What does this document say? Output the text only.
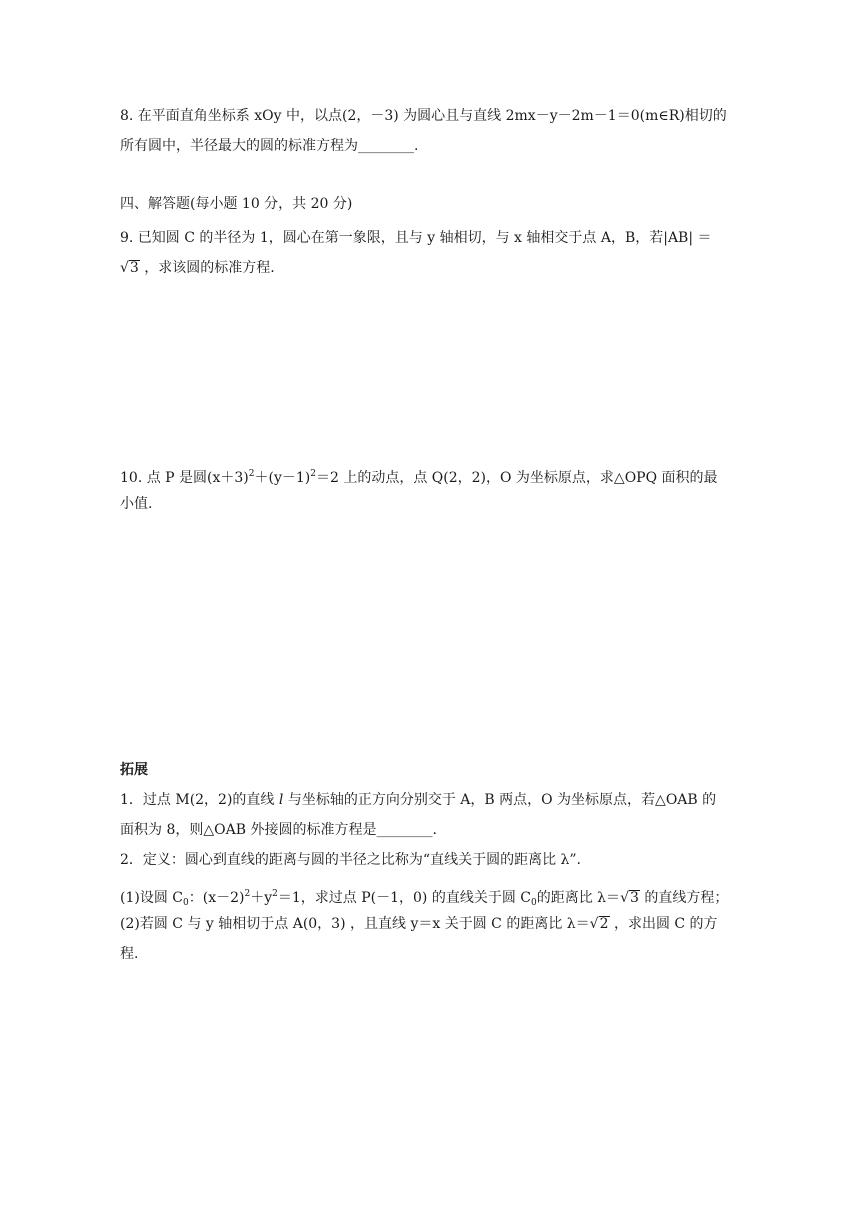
8. 在平面直角坐标系 xOy 中，以点(2，－3) 为圆心且与直线 2mx－y－2m－1＝0(m∈R)相切的
所有圆中，半径最大的圆的标准方程为________.
四、解答题(每小题 10 分，共 20 分)
9. 已知圆 C 的半径为 1，圆心在第一象限，且与 y 轴相切，与 x 轴相交于点 A，B，若|AB| ＝
√3 ，求该圆的标准方程.
10. 点 P 是圆$(x+3)^2+(y-1)^2=2$ 上的动点，点 Q(2，2)，O 为坐标原点，求△OPQ 面积的最
小值.
拓展
1．过点 M(2，2)的直线 l 与坐标轴的正方向分别交于 A，B 两点，O 为坐标原点，若△OAB 的
面积为 8，则△OAB 外接圆的标准方程是________.
2．定义：圆心到直线的距离与圆的半径之比称为“直线关于圆的距离比 λ”.
(1)设圆 $C_0$：$(x-2)^2+y^2=1$，求过点 P(－1，0) 的直线关于圆 $C_0$的距离比 λ＝√3 的直线方程；
(2)若圆 C 与 y 轴相切于点 A(0，3) ，且直线 y＝x 关于圆 C 的距离比 λ＝√2 ，求出圆 C 的方
程.
